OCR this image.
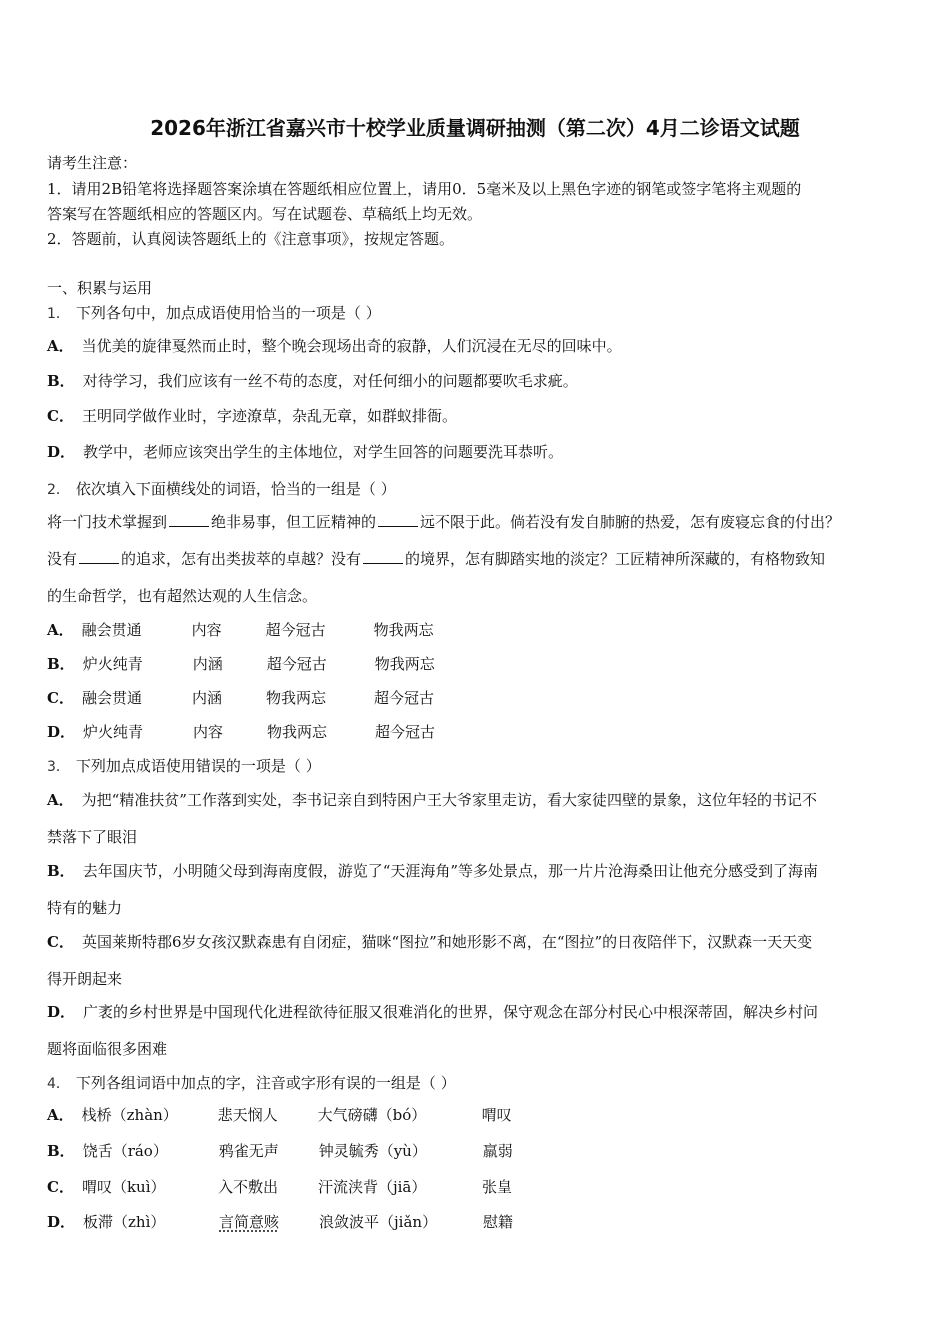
2026年浙江省嘉兴市十校学业质量调研抽测（第二次）4月二诊语文试题
请考生注意：
1．请用2B铅笔将选择题答案涂填在答题纸相应位置上，请用0．5毫米及以上黑色字迹的钢笔或签字笔将主观题的
答案写在答题纸相应的答题区内。写在试题卷、草稿纸上均无效。
2．答题前，认真阅读答题纸上的《注意事项》，按规定答题。
一、积累与运用
1． 下列各句中，加点成语使用恰当的一项是（ ）
A． 当优美的旋律戛然而止时，整个晚会现场出奇的寂静，人们沉浸在无尽的回味中。
B． 对待学习，我们应该有一丝不苟的态度，对任何细小的问题都要吹毛求疵。
C． 王明同学做作业时，字迹潦草，杂乱无章，如群蚁排衙。
D． 教学中，老师应该突出学生的主体地位，对学生回答的问题要洗耳恭听。
2． 依次填入下面横线处的词语，恰当的一组是（ ）
将一门技术掌握到	绝非易事，但工匠精神的	远不限于此。倘若没有发自肺腑的热爱，怎有废寝忘食的付出？
没有	的追求，怎有出类拔萃的卓越？没有	的境界，怎有脚踏实地的淡定？工匠精神所深藏的，有格物致知
的生命哲学，也有超然达观的人生信念。
A． 融会贯通	内容	超今冠古	物我两忘
B． 炉火纯青	内涵	超今冠古	物我两忘
C． 融会贯通	内涵	物我两忘	超今冠古
D． 炉火纯青	内容	物我两忘	超今冠古
3． 下列加点成语使用错误的一项是（ ）
A． 为把“精准扶贫”工作落到实处，李书记亲自到特困户王大爷家里走访，看大家徒四壁的景象，这位年轻的书记不
禁落下了眼泪
B． 去年国庆节，小明随父母到海南度假，游览了“天涯海角”等多处景点，那一片片沧海桑田让他充分感受到了海南
特有的魅力
C． 英国莱斯特郡6岁女孩汉默森患有自闭症，猫咪“图拉”和她形影不离，在“图拉”的日夜陪伴下，汉默森一天天变
得开朗起来
D． 广袤的乡村世界是中国现代化进程欲待征服又很难消化的世界，保守观念在部分村民心中根深蒂固，解决乡村问
题将面临很多困难
4． 下列各组词语中加点的字，注音或字形有误的一组是（ ）
A． 栈桥（zhàn）	悲天悯人	大气磅礴（bó）	喟叹
B． 饶舌（ráo）	鸦雀无声	钟灵毓秀（yù）	羸弱
C． 喟叹（kuì）	入不敷出	汗流浃背（jiā）	张皇
D． 板滞（zhì）	言简意赅	浪敛波平（jiǎn）	慰籍
